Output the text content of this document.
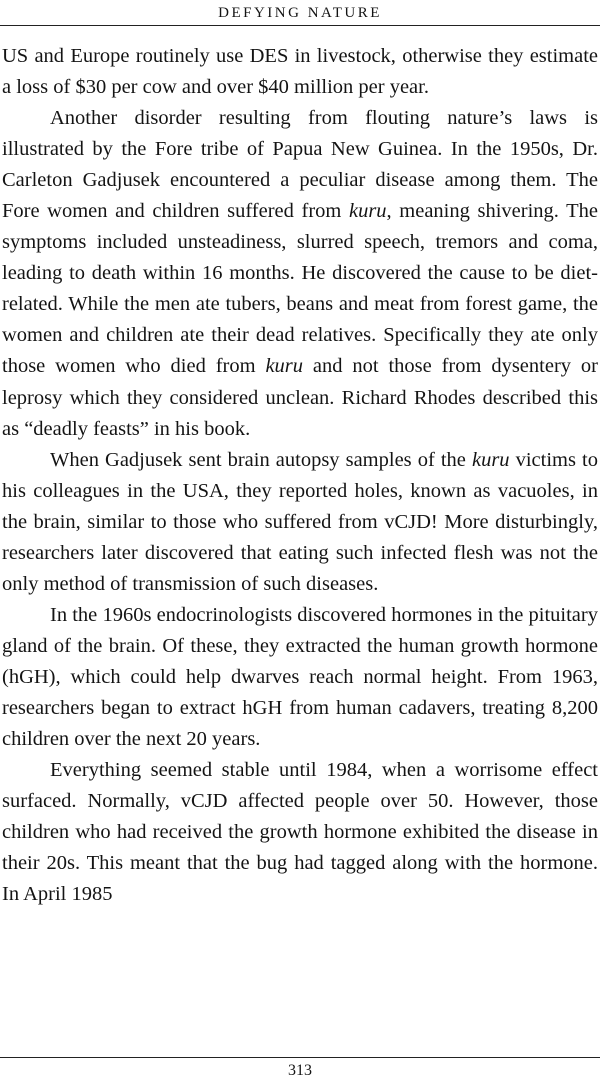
DEFYING NATURE

US and Europe routinely use DES in livestock, otherwise they estimate a loss of $30 per cow and over $40 million per year.

Another disorder resulting from flouting nature’s laws is illustrated by the Fore tribe of Papua New Guinea. In the 1950s, Dr. Carleton Gadjusek encountered a peculiar disease among them. The Fore women and children suffered from kuru, meaning shivering. The symptoms included unsteadiness, slurred speech, tremors and coma, leading to death within 16 months. He discovered the cause to be diet-related. While the men ate tubers, beans and meat from forest game, the women and children ate their dead relatives. Specifically they ate only those women who died from kuru and not those from dysentery or leprosy which they considered unclean. Richard Rhodes described this as “deadly feasts” in his book.

When Gadjusek sent brain autopsy samples of the kuru victims to his colleagues in the USA, they reported holes, known as vacuoles, in the brain, similar to those who suffered from vCJD! More disturbingly, researchers later discovered that eating such infected flesh was not the only method of transmission of such diseases.

In the 1960s endocrinologists discovered hormones in the pituitary gland of the brain. Of these, they extracted the human growth hormone (hGH), which could help dwarves reach normal height. From 1963, researchers began to extract hGH from human cadavers, treating 8,200 children over the next 20 years.

Everything seemed stable until 1984, when a worrisome effect surfaced. Normally, vCJD affected people over 50. However, those children who had received the growth hormone exhibited the disease in their 20s. This meant that the bug had tagged along with the hormone. In April 1985

313
